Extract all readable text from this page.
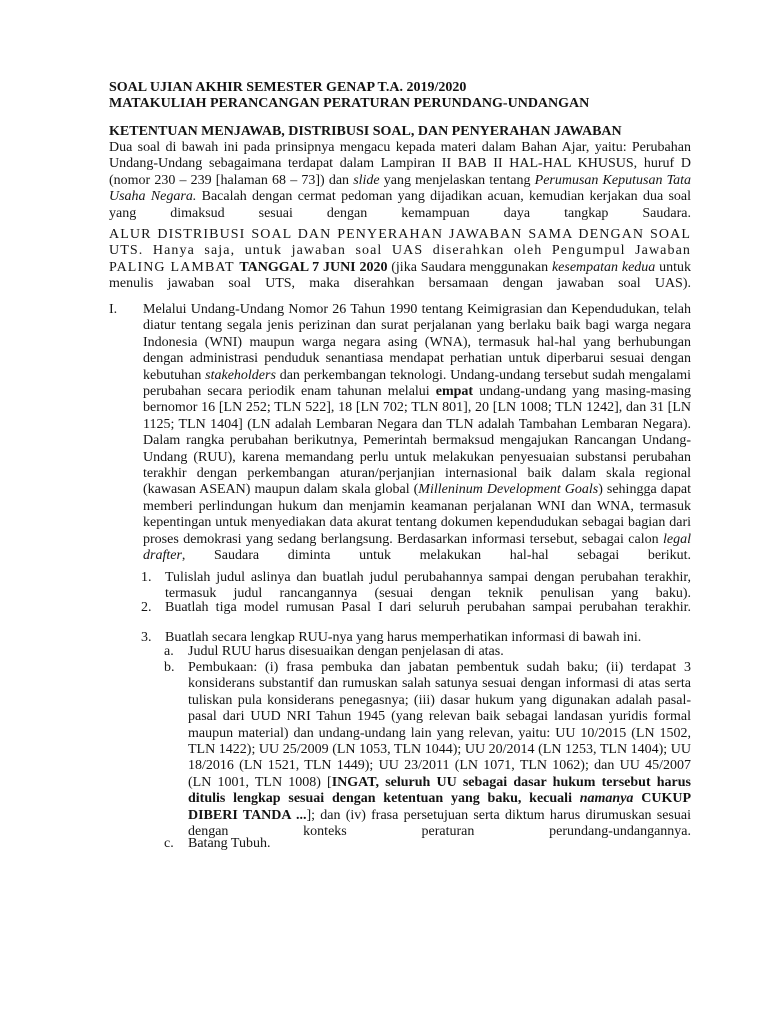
SOAL UJIAN AKHIR SEMESTER GENAP T.A. 2019/2020
MATAKULIAH PERANCANGAN PERATURAN PERUNDANG-UNDANGAN
KETENTUAN MENJAWAB, DISTRIBUSI SOAL, DAN PENYERAHAN JAWABAN
Dua soal di bawah ini pada prinsipnya mengacu kepada materi dalam Bahan Ajar, yaitu: Perubahan Undang-Undang sebagaimana terdapat dalam Lampiran II BAB II HAL-HAL KHUSUS, huruf D (nomor 230 – 239 [halaman 68 – 73]) dan slide yang menjelaskan tentang Perumusan Keputusan Tata Usaha Negara. Bacalah dengan cermat pedoman yang dijadikan acuan, kemudian kerjakan dua soal yang dimaksud sesuai dengan kemampuan daya tangkap Saudara.
ALUR DISTRIBUSI SOAL DAN PENYERAHAN JAWABAN SAMA DENGAN SOAL UTS. Hanya saja, untuk jawaban soal UAS diserahkan oleh Pengumpul Jawaban PALING LAMBAT TANGGAL 7 JUNI 2020 (jika Saudara menggunakan kesempatan kedua untuk menulis jawaban soal UTS, maka diserahkan bersamaan dengan jawaban soal UAS).
I. Melalui Undang-Undang Nomor 26 Tahun 1990 tentang Keimigrasian dan Kependudukan, telah diatur tentang segala jenis perizinan dan surat perjalanan yang berlaku baik bagi warga negara Indonesia (WNI) maupun warga negara asing (WNA), termasuk hal-hal yang berhubungan dengan administrasi penduduk senantiasa mendapat perhatian untuk diperbarui sesuai dengan kebutuhan stakeholders dan perkembangan teknologi. Undang-undang tersebut sudah mengalami perubahan secara periodik enam tahunan melalui empat undang-undang yang masing-masing bernomor 16 [LN 252; TLN 522], 18 [LN 702; TLN 801], 20 [LN 1008; TLN 1242], dan 31 [LN 1125; TLN 1404] (LN adalah Lembaran Negara dan TLN adalah Tambahan Lembaran Negara). Dalam rangka perubahan berikutnya, Pemerintah bermaksud mengajukan Rancangan Undang-Undang (RUU), karena memandang perlu untuk melakukan penyesuaian substansi perubahan terakhir dengan perkembangan aturan/perjanjian internasional baik dalam skala regional (kawasan ASEAN) maupun dalam skala global (Milleninum Development Goals) sehingga dapat memberi perlindungan hukum dan menjamin keamanan perjalanan WNI dan WNA, termasuk kepentingan untuk menyediakan data akurat tentang dokumen kependudukan sebagai bagian dari proses demokrasi yang sedang berlangsung. Berdasarkan informasi tersebut, sebagai calon legal drafter, Saudara diminta untuk melakukan hal-hal sebagai berikut.
1. Tulislah judul aslinya dan buatlah judul perubahannya sampai dengan perubahan terakhir, termasuk judul rancangannya (sesuai dengan teknik penulisan yang baku).
2. Buatlah tiga model rumusan Pasal I dari seluruh perubahan sampai perubahan terakhir.
3. Buatlah secara lengkap RUU-nya yang harus memperhatikan informasi di bawah ini.
a. Judul RUU harus disesuaikan dengan penjelasan di atas.
b. Pembukaan: (i) frasa pembuka dan jabatan pembentuk sudah baku; (ii) terdapat 3 konsiderans substantif dan rumuskan salah satunya sesuai dengan informasi di atas serta tuliskan pula konsiderans penegasnya; (iii) dasar hukum yang digunakan adalah pasal-pasal dari UUD NRI Tahun 1945 (yang relevan baik sebagai landasan yuridis formal maupun material) dan undang-undang lain yang relevan, yaitu: UU 10/2015 (LN 1502, TLN 1422); UU 25/2009 (LN 1053, TLN 1044); UU 20/2014 (LN 1253, TLN 1404); UU 18/2016 (LN 1521, TLN 1449); UU 23/2011 (LN 1071, TLN 1062); dan UU 45/2007 (LN 1001, TLN 1008) [INGAT, seluruh UU sebagai dasar hukum tersebut harus ditulis lengkap sesuai dengan ketentuan yang baku, kecuali namanya CUKUP DIBERI TANDA ...]; dan (iv) frasa persetujuan serta diktum harus dirumuskan sesuai dengan konteks peraturan perundang-undangannya.
c. Batang Tubuh.
